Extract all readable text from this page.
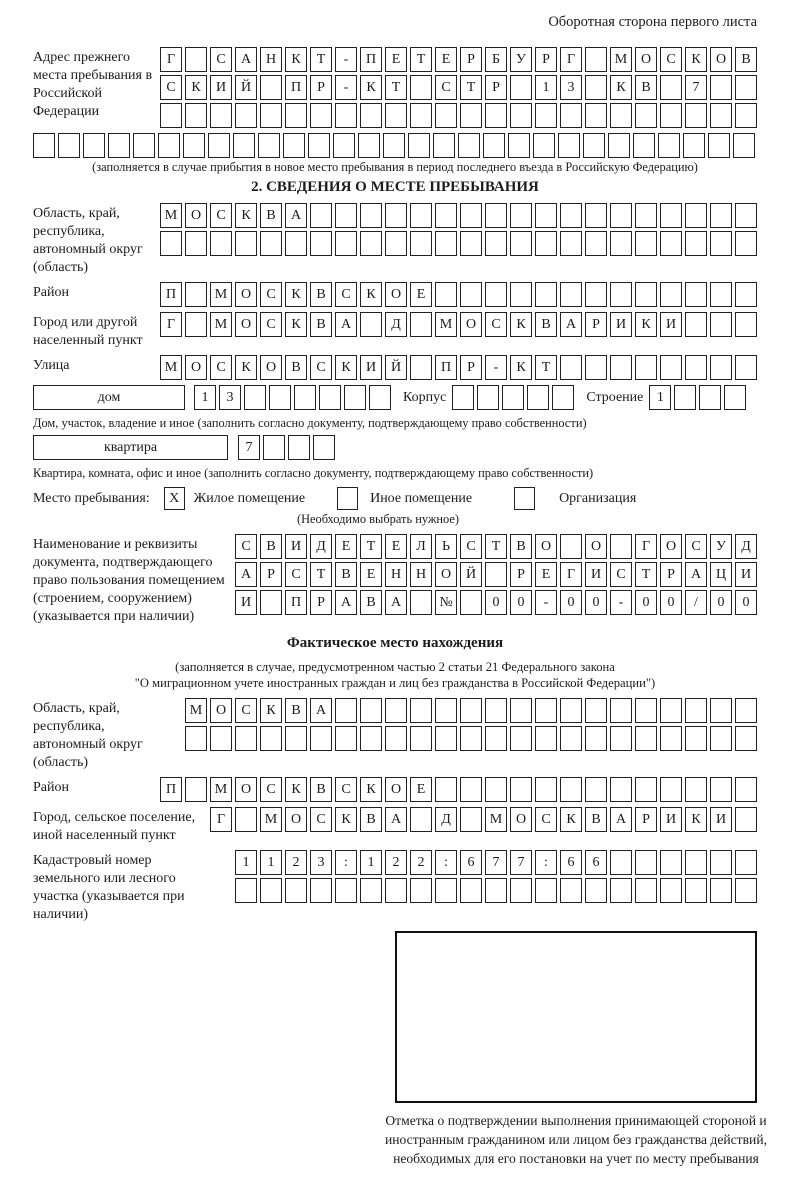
Оборотная сторона первого листа
Адрес прежнего места пребывания в Российской Федерации
Г	С	А	Н	К	Т	-	П	Е	Т	Е	Р	Б	У	Р	Г	М О	С	К	О	В
С	К	И	Й	П	Р	-	К	Т	С	Т	Р	1	3	К	В	7
(заполняется в случае прибытия в новое место пребывания в период последнего въезда в Российскую Федерацию)
2. СВЕДЕНИЯ О МЕСТЕ ПРЕБЫВАНИЯ
Область, край, республика, автономный округ (область)
М О	С	К	В	А
Район	П	М О	С	К	В	С	К	О	Е
Город или другой населенный пункт
Г	М О	С	К	В	А	Д	М О	С	К	В	А	Р	И	К	И
Улица	М О	С	К	О	В	С	К	И	Й	П	Р	-	К	Т
дом	1	3	Корпус	Строение 1
Дом, участок, владение и иное (заполнить согласно документу, подтверждающему право собственности)
квартира	7
Квартира, комната, офис и иное (заполнить согласно документу, подтверждающему право собственности)
Место пребывания:	X	Жилое помещение	Иное помещение	Организация
(Необходимо выбрать нужное)
Наименование и реквизиты документа, подтверждающего право пользования помещением (строением, сооружением) (указывается при наличии)
С	В	И	Д	Е	Т	Е	Л	Ь	С	Т	В	О	О	Г	О	С	У	Д
А	Р	С	Т	В	Е	Н	Н	О	Й	Р	Е	Г	И	С	Т	Р	А	Ц	И
И	П	Р	А	В	А	№	0	0	-	0	0	-	0	0	/	0	0
Фактическое место нахождения
(заполняется в случае, предусмотренном частью 2 статьи 21 Федерального закона
"О миграционном учете иностранных граждан и лиц без гражданства в Российской Федерации")
Область, край, республика, автономный округ (область)
М О	С	К	В	А
Район	П	М О	С	К	В	С	К	О	Е
Город, сельское поселение, иной населенный пункт
Г	М О	С	К	В	А	Д	М О	С	К	В	А	Р	И	К	И
Кадастровый номер земельного или лесного участка (указывается при наличии)
1	1	2	3	:	1	2	2	:	6	7	7	:	6	6
Отметка о подтверждении выполнения принимающей стороной и иностранным гражданином или лицом без гражданства действий, необходимых для его постановки на учет по месту пребывания
